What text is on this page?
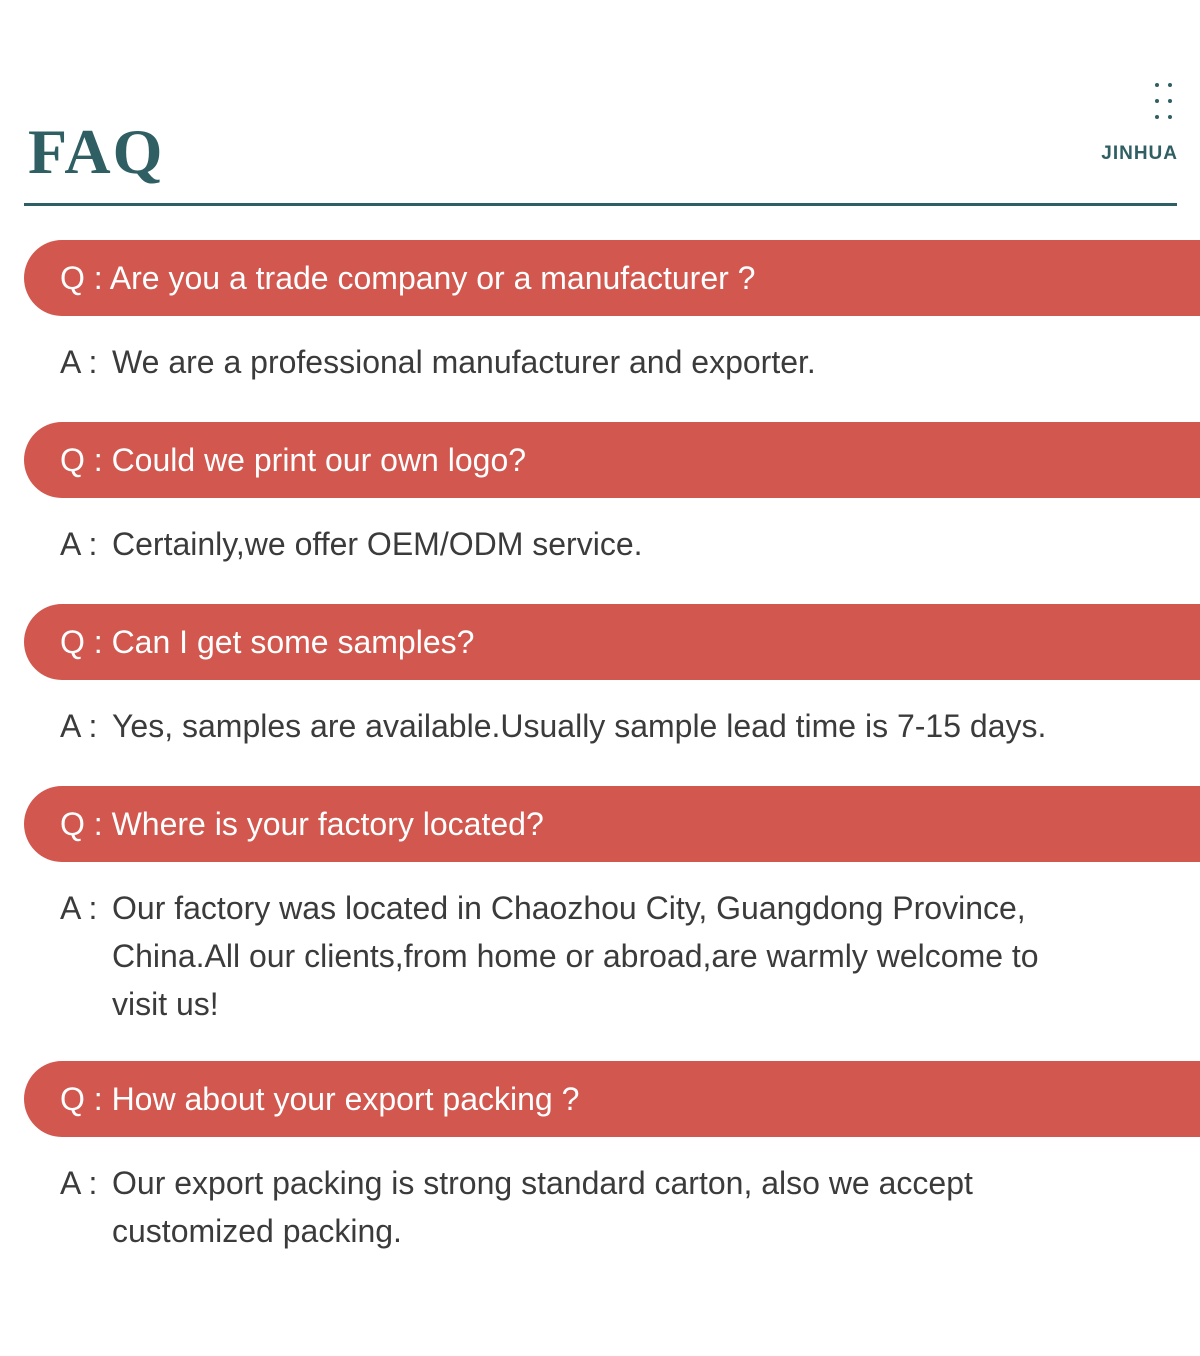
FAQ	JINHUA
Q : Are you a trade company or a manufacturer ?
A : We are a professional manufacturer and exporter.
Q : Could we print our own logo?
A : Certainly,we offer OEM/ODM service.
Q : Can I get some samples?
A : Yes, samples are available.Usually sample lead time is 7-15 days.
Q : Where is your factory located?
A : Our factory was located in Chaozhou City, Guangdong Province, China.All our clients,from home or abroad,are warmly welcome to visit us!
Q : How about your export packing ?
A : Our export packing is strong standard carton, also we accept customized packing.
